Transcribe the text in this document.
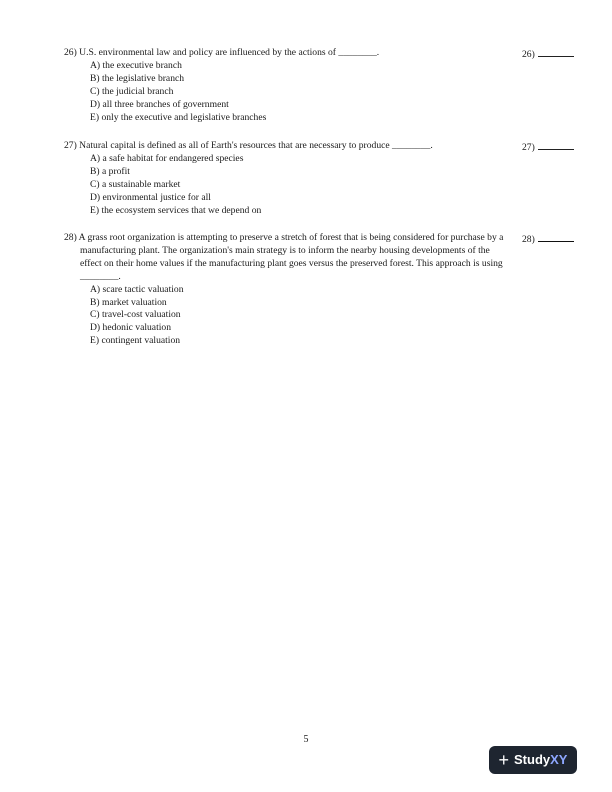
26) U.S. environmental law and policy are influenced by the actions of ________.
A) the executive branch
B) the legislative branch
C) the judicial branch
D) all three branches of government
E) only the executive and legislative branches
26)
27) Natural capital is defined as all of Earth's resources that are necessary to produce ________.
A) a safe habitat for endangered species
B) a profit
C) a sustainable market
D) environmental justice for all
E) the ecosystem services that we depend on
27)
28) A grass root organization is attempting to preserve a stretch of forest that is being considered for purchase by a manufacturing plant. The organization's main strategy is to inform the nearby housing developments of the effect on their home values if the manufacturing plant goes versus the preserved forest. This approach is using ________.
A) scare tactic valuation
B) market valuation
C) travel-cost valuation
D) hedonic valuation
E) contingent valuation
28)
5
+ StudyXY
